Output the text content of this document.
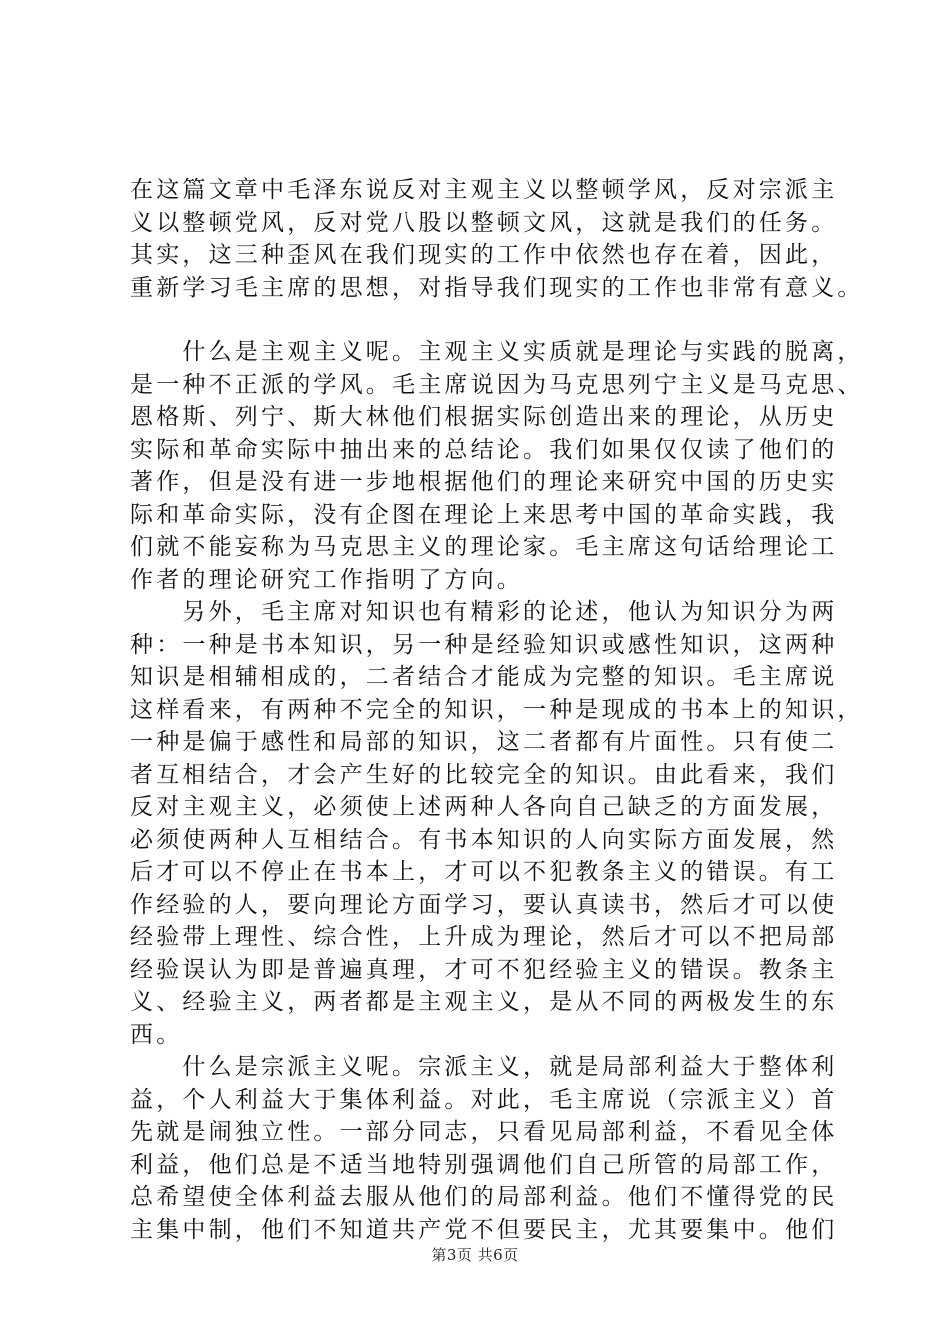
在这篇文章中毛泽东说反对主观主义以整顿学风，反对宗派主
义以整顿党风，反对党八股以整顿文风，这就是我们的任务。
其实，这三种歪风在我们现实的工作中依然也存在着，因此，
重新学习毛主席的思想，对指导我们现实的工作也非常有意义。
　　什么是主观主义呢。主观主义实质就是理论与实践的脱离，
是一种不正派的学风。毛主席说因为马克思列宁主义是马克思、
恩格斯、列宁、斯大林他们根据实际创造出来的理论，从历史
实际和革命实际中抽出来的总结论。我们如果仅仅读了他们的
著作，但是没有进一步地根据他们的理论来研究中国的历史实
际和革命实际，没有企图在理论上来思考中国的革命实践，我
们就不能妄称为马克思主义的理论家。毛主席这句话给理论工
作者的理论研究工作指明了方向。
　　另外，毛主席对知识也有精彩的论述，他认为知识分为两
种：一种是书本知识，另一种是经验知识或感性知识，这两种
知识是相辅相成的，二者结合才能成为完整的知识。毛主席说
这样看来，有两种不完全的知识，一种是现成的书本上的知识，
一种是偏于感性和局部的知识，这二者都有片面性。只有使二
者互相结合，才会产生好的比较完全的知识。由此看来，我们
反对主观主义，必须使上述两种人各向自己缺乏的方面发展，
必须使两种人互相结合。有书本知识的人向实际方面发展，然
后才可以不停止在书本上，才可以不犯教条主义的错误。有工
作经验的人，要向理论方面学习，要认真读书，然后才可以使
经验带上理性、综合性，上升成为理论，然后才可以不把局部
经验误认为即是普遍真理，才可不犯经验主义的错误。教条主
义、经验主义，两者都是主观主义，是从不同的两极发生的东
西。
　　什么是宗派主义呢。宗派主义，就是局部利益大于整体利
益，个人利益大于集体利益。对此，毛主席说（宗派主义）首
先就是闹独立性。一部分同志，只看见局部利益，不看见全体
利益，他们总是不适当地特别强调他们自己所管的局部工作，
总希望使全体利益去服从他们的局部利益。他们不懂得党的民
主集中制，他们不知道共产党不但要民主，尤其要集中。他们
第3页 共6页
